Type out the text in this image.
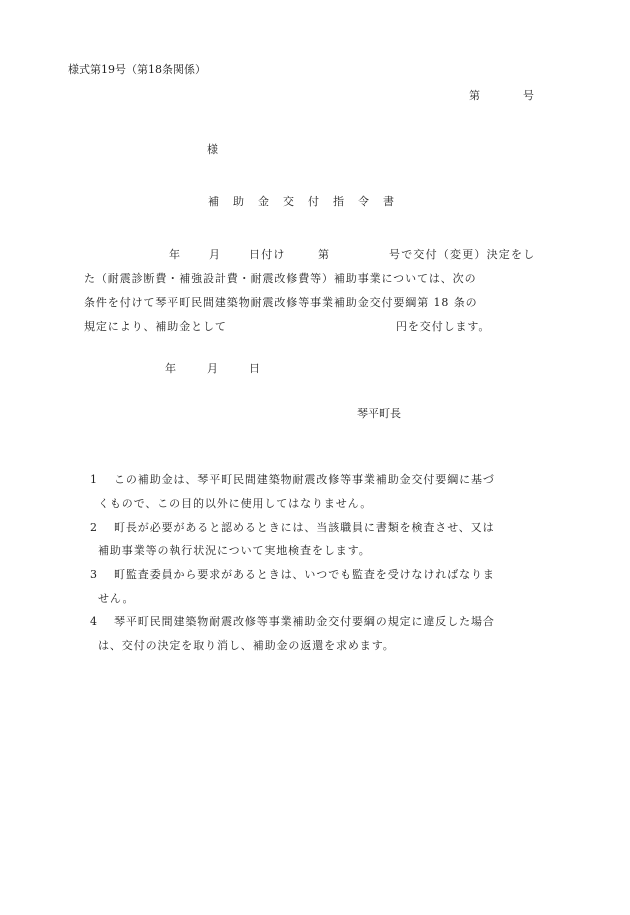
様式第19号（第18条関係）
第	号
様
補 助 金 交 付 指 令 書
年	月	日付け	第	号で交付（変更）決定をし
た（耐震診断費・補強設計費・耐震改修費等）補助事業については、次の
条件を付けて琴平町民間建築物耐震改修等事業補助金交付要綱第 18 条の
規定により、補助金として	円を交付します。
年	月	日
琴平町長
1 この補助金は、琴平町民間建築物耐震改修等事業補助金交付要綱に基づ
くもので、この目的以外に使用してはなりません。
2 町長が必要があると認めるときには、当該職員に書類を検査させ、又は
補助事業等の執行状況について実地検査をします。
3 町監査委員から要求があるときは、いつでも監査を受けなければなりま
せん。
4 琴平町民間建築物耐震改修等事業補助金交付要綱の規定に違反した場合
は、交付の決定を取り消し、補助金の返還を求めます。
